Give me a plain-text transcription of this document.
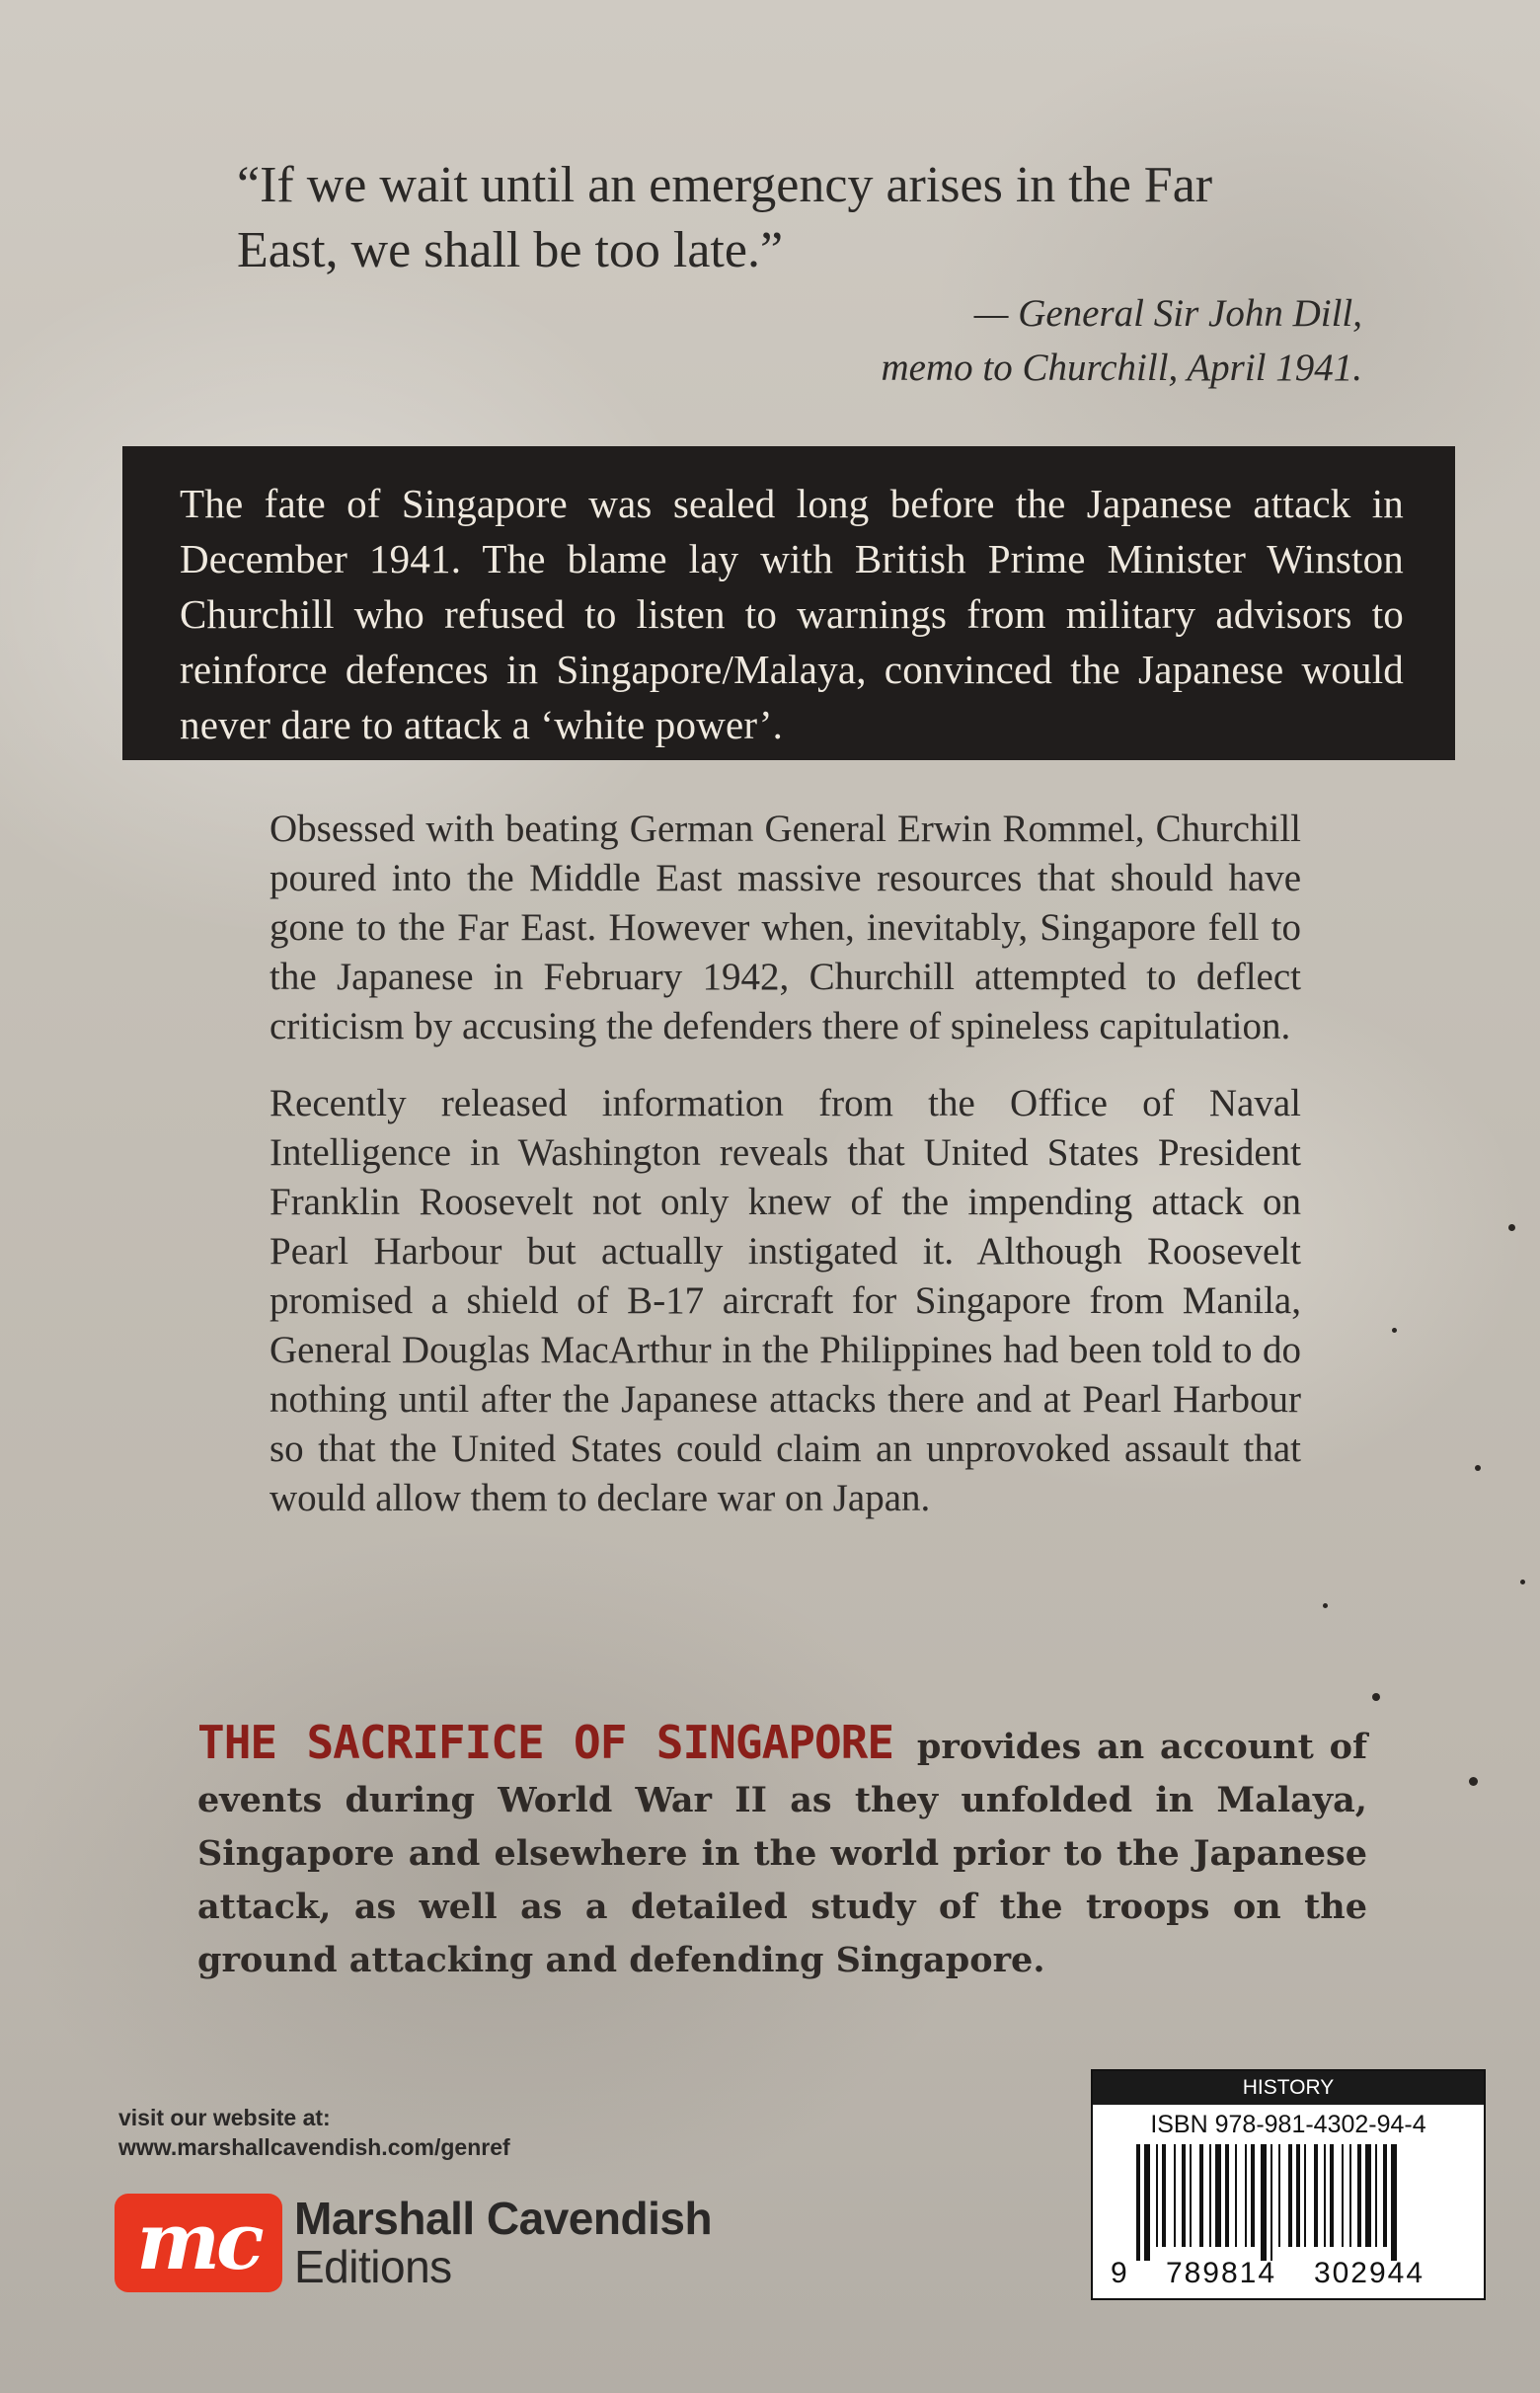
“If we wait until an emergency arises in the Far
East, we shall be too late.”
— General Sir John Dill,
memo to Churchill, April 1941.

The fate of Singapore was sealed long before the Japanese attack in December 1941. The blame lay with British Prime Minister Winston Churchill who refused to listen to warnings from military advisors to reinforce defences in Singapore/Malaya, convinced the Japanese would never dare to attack a ‘white power’.

Obsessed with beating German General Erwin Rommel, Churchill poured into the Middle East massive resources that should have gone to the Far East. However when, inevitably, Singapore fell to the Japanese in February 1942, Churchill attempted to deflect criticism by accusing the defenders there of spineless capitulation.

Recently released information from the Office of Naval Intelligence in Washington reveals that United States President Franklin Roosevelt not only knew of the impending attack on Pearl Harbour but actually instigated it. Although Roosevelt promised a shield of B-17 aircraft for Singapore from Manila, General Douglas MacArthur in the Philippines had been told to do nothing until after the Japanese attacks there and at Pearl Harbour so that the United States could claim an unprovoked assault that would allow them to declare war on Japan.

THE SACRIFICE OF SINGAPORE provides an account of events during World War II as they unfolded in Malaya, Singapore and elsewhere in the world prior to the Japanese attack, as well as a detailed study of the troops on the ground attacking and defending Singapore.
visit our website at:
www.marshallcavendish.com/genref
mc Marshall Cavendish
Editions
HISTORY
ISBN 978-981-4302-94-4
9 789814 302944
